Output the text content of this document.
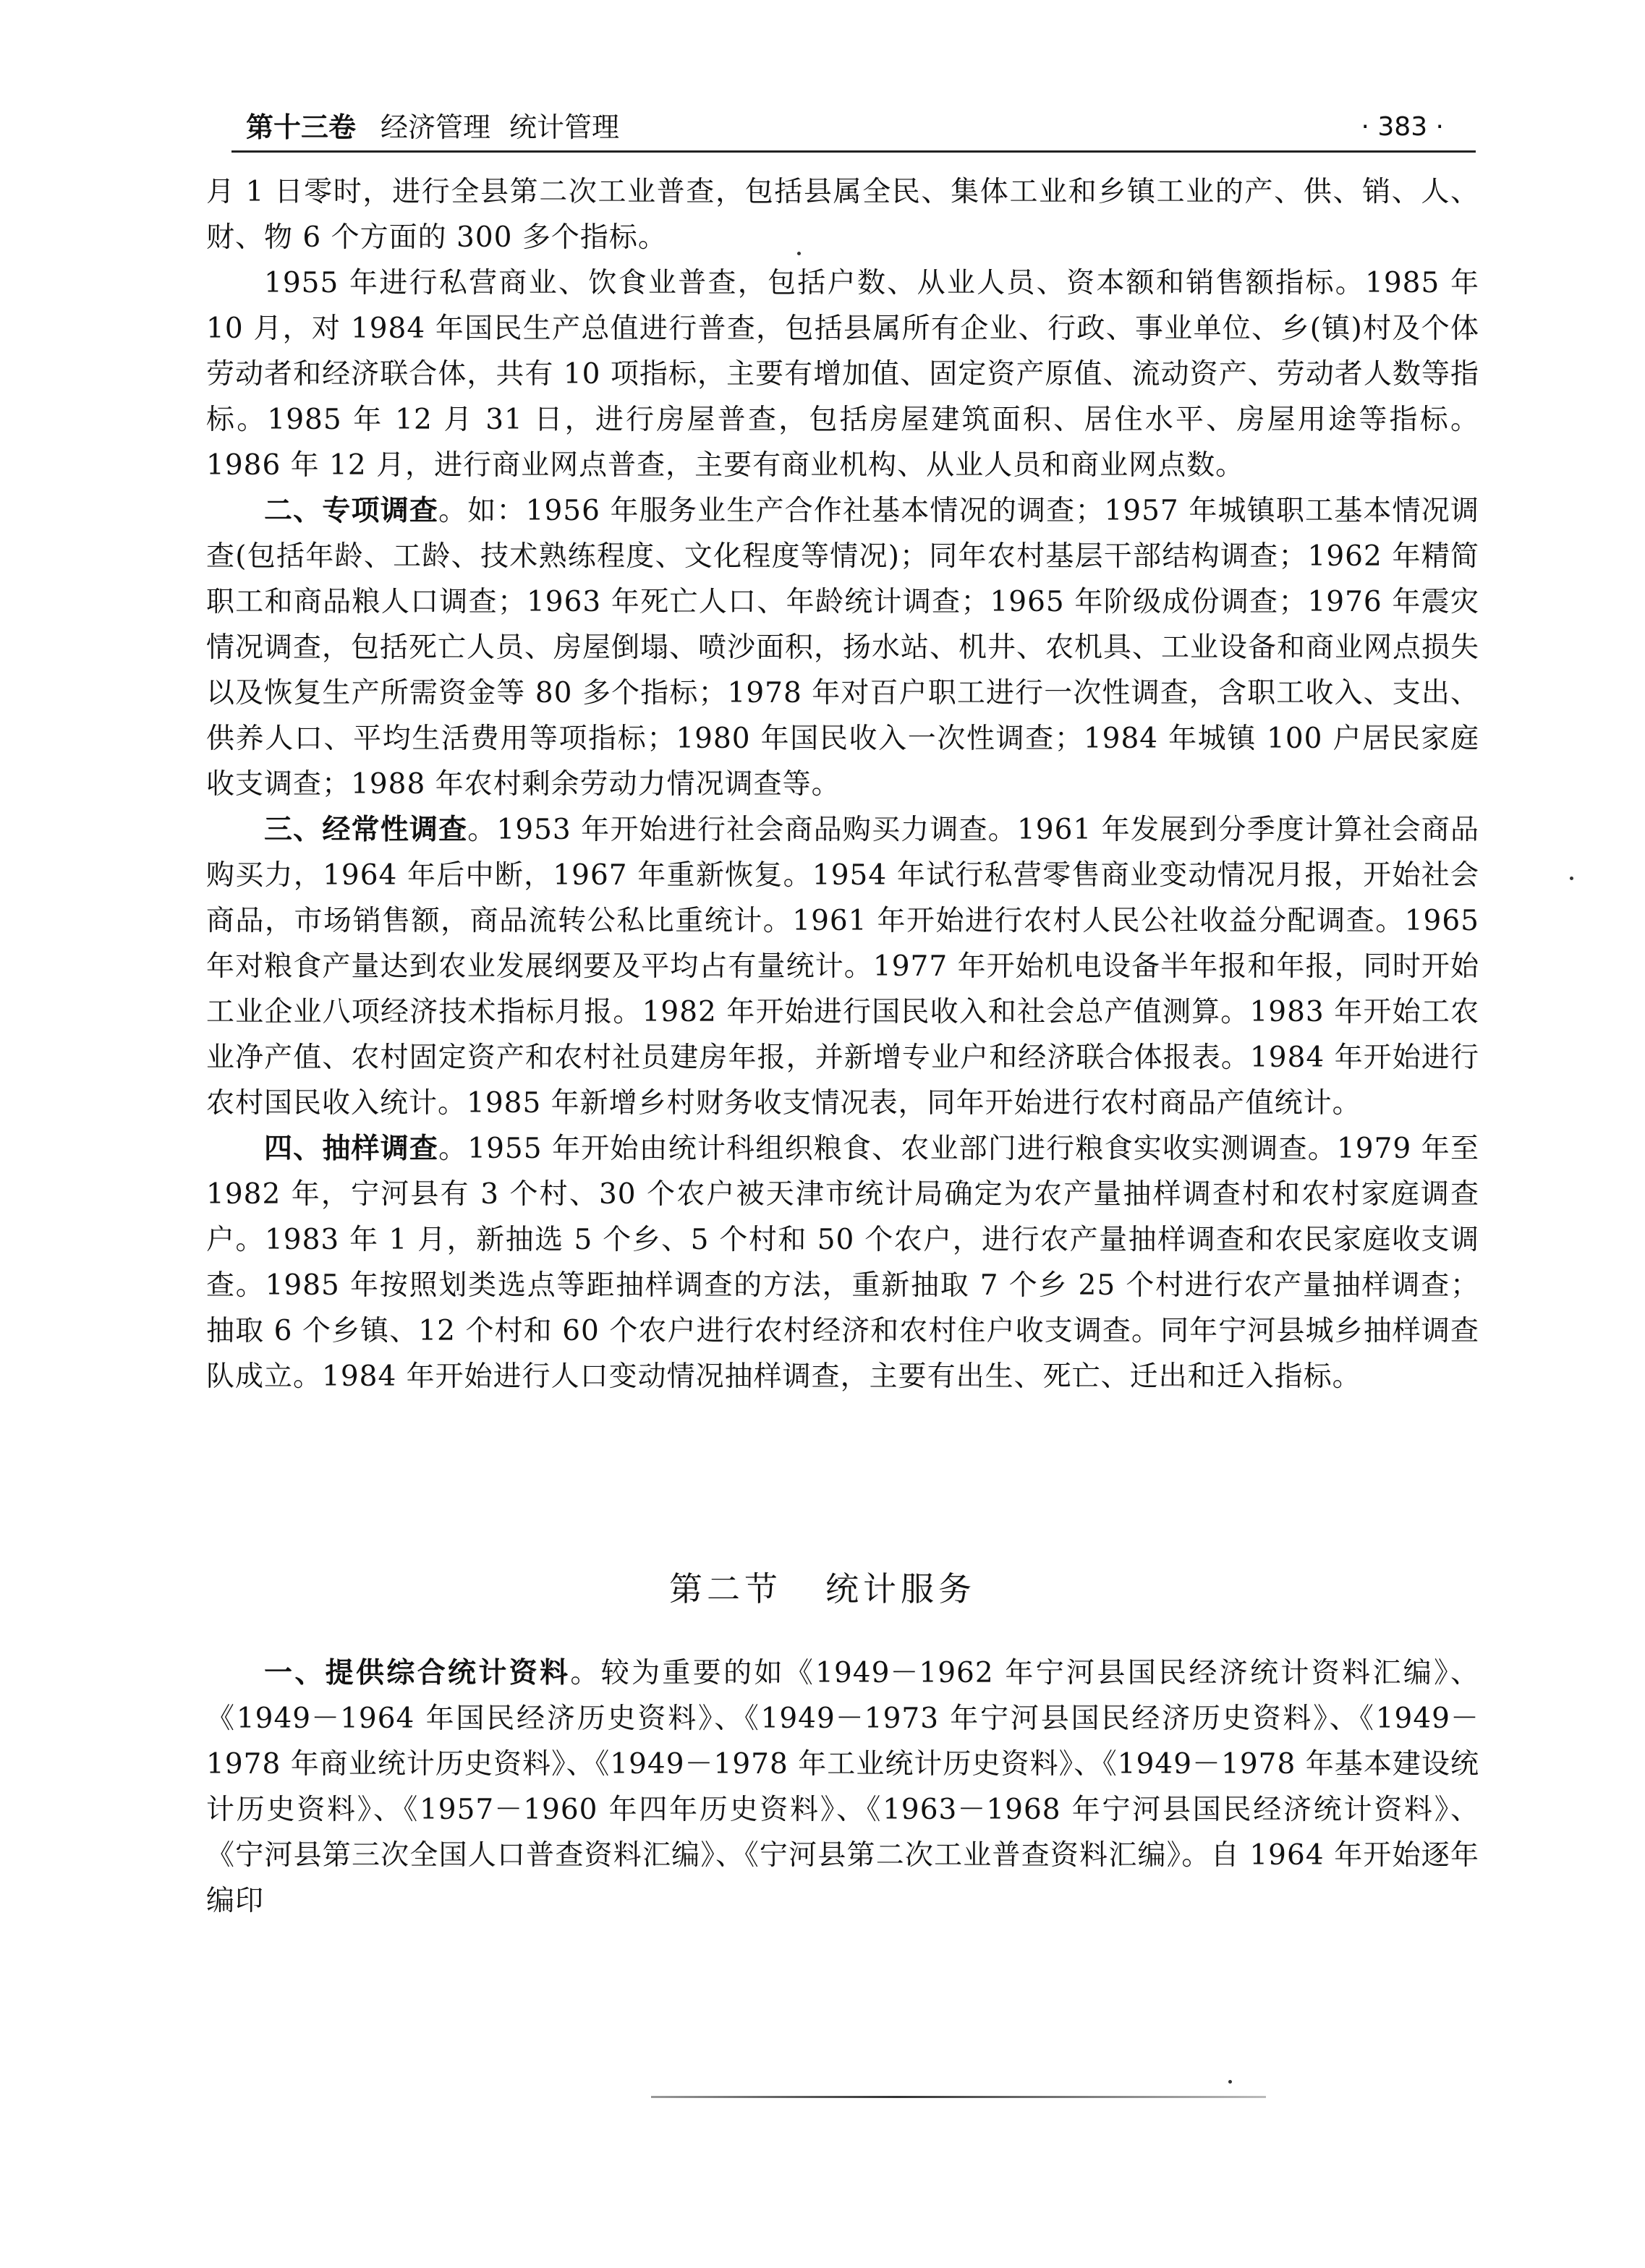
第十三卷 经济管理 统计管理	· 383 ·

月 1 日零时，进行全县第二次工业普查，包括县属全民、集体工业和乡镇工业的产、供、销、人、财、物 6 个方面的 300 多个指标。

1955 年进行私营商业、饮食业普查，包括户数、从业人员、资本额和销售额指标。1985 年 10 月，对 1984 年国民生产总值进行普查，包括县属所有企业、行政、事业单位、乡(镇)村及个体劳动者和经济联合体，共有 10 项指标，主要有增加值、固定资产原值、流动资产、劳动者人数等指标。1985 年 12 月 31 日，进行房屋普查，包括房屋建筑面积、居住水平、房屋用途等指标。1986 年 12 月，进行商业网点普查，主要有商业机构、从业人员和商业网点数。

二、专项调查。如：1956 年服务业生产合作社基本情况的调查；1957 年城镇职工基本情况调查(包括年龄、工龄、技术熟练程度、文化程度等情况)；同年农村基层干部结构调查；1962 年精简职工和商品粮人口调查；1963 年死亡人口、年龄统计调查；1965 年阶级成份调查；1976 年震灾情况调查，包括死亡人员、房屋倒塌、喷沙面积，扬水站、机井、农机具、工业设备和商业网点损失以及恢复生产所需资金等 80 多个指标；1978 年对百户职工进行一次性调查，含职工收入、支出、供养人口、平均生活费用等项指标；1980 年国民收入一次性调查；1984 年城镇 100 户居民家庭收支调查；1988 年农村剩余劳动力情况调查等。

三、经常性调查。1953 年开始进行社会商品购买力调查。1961 年发展到分季度计算社会商品购买力，1964 年后中断，1967 年重新恢复。1954 年试行私营零售商业变动情况月报，开始社会商品，市场销售额，商品流转公私比重统计。1961 年开始进行农村人民公社收益分配调查。1965 年对粮食产量达到农业发展纲要及平均占有量统计。1977 年开始机电设备半年报和年报，同时开始工业企业八项经济技术指标月报。1982 年开始进行国民收入和社会总产值测算。1983 年开始工农业净产值、农村固定资产和农村社员建房年报，并新增专业户和经济联合体报表。1984 年开始进行农村国民收入统计。1985 年新增乡村财务收支情况表，同年开始进行农村商品产值统计。

四、抽样调查。1955 年开始由统计科组织粮食、农业部门进行粮食实收实测调查。1979 年至 1982 年，宁河县有 3 个村、30 个农户被天津市统计局确定为农产量抽样调查村和农村家庭调查户。1983 年 1 月，新抽选 5 个乡、5 个村和 50 个农户，进行农产量抽样调查和农民家庭收支调查。1985 年按照划类选点等距抽样调查的方法，重新抽取 7 个乡 25 个村进行农产量抽样调查；抽取 6 个乡镇、12 个村和 60 个农户进行农村经济和农村住户收支调查。同年宁河县城乡抽样调查队成立。1984 年开始进行人口变动情况抽样调查，主要有出生、死亡、迁出和迁入指标。

第二节 统计服务

一、提供综合统计资料。较为重要的如《1949－1962 年宁河县国民经济统计资料汇编》、《1949－1964 年国民经济历史资料》、《1949－1973 年宁河县国民经济历史资料》、《1949－1978 年商业统计历史资料》、《1949－1978 年工业统计历史资料》、《1949－1978 年基本建设统计历史资料》、《1957－1960 年四年历史资料》、《1963－1968 年宁河县国民经济统计资料》、《宁河县第三次全国人口普查资料汇编》、《宁河县第二次工业普查资料汇编》。自 1964 年开始逐年编印
